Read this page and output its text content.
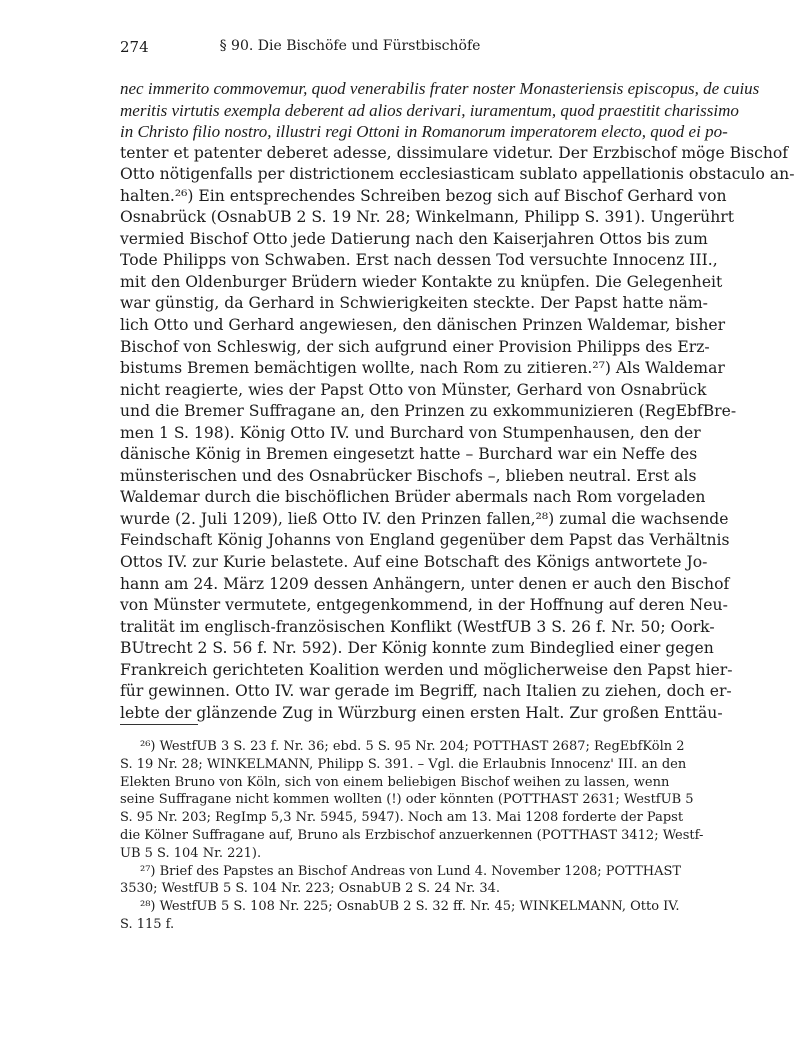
274	§ 90. Die Bischöfe und Fürstbischöfe
nec immerito commovemur, quod venerabilis frater noster Monasteriensis episcopus, de cuius
meritis virtutis exempla deberent ad alios derivari, iuramentum, quod praestitit charissimo
in Christo filio nostro, illustri regi Ottoni in Romanorum imperatorem electo, quod ei po-
tenter et patenter deberet adesse, dissimulare videtur. Der Erzbischof möge Bischof
Otto nötigenfalls per districtionem ecclesiasticam sublato appellationis obstaculo an-
halten.²⁶) Ein entsprechendes Schreiben bezog sich auf Bischof Gerhard von
Osnabrück (OsnabUB 2 S. 19 Nr. 28; Winkelmann, Philipp S. 391). Ungerührt
vermied Bischof Otto jede Datierung nach den Kaiserjahren Ottos bis zum
Tode Philipps von Schwaben. Erst nach dessen Tod versuchte Innocenz III.,
mit den Oldenburger Brüdern wieder Kontakte zu knüpfen. Die Gelegenheit
war günstig, da Gerhard in Schwierigkeiten steckte. Der Papst hatte näm-
lich Otto und Gerhard angewiesen, den dänischen Prinzen Waldemar, bisher
Bischof von Schleswig, der sich aufgrund einer Provision Philipps des Erz-
bistums Bremen bemächtigen wollte, nach Rom zu zitieren.²⁷) Als Waldemar
nicht reagierte, wies der Papst Otto von Münster, Gerhard von Osnabrück
und die Bremer Suffragane an, den Prinzen zu exkommunizieren (RegEbfBre-
men 1 S. 198). König Otto IV. und Burchard von Stumpenhausen, den der
dänische König in Bremen eingesetzt hatte – Burchard war ein Neffe des
münsterischen und des Osnabrücker Bischofs –, blieben neutral. Erst als
Waldemar durch die bischöflichen Brüder abermals nach Rom vorgeladen
wurde (2. Juli 1209), ließ Otto IV. den Prinzen fallen,²⁸) zumal die wachsende
Feindschaft König Johanns von England gegenüber dem Papst das Verhältnis
Ottos IV. zur Kurie belastete. Auf eine Botschaft des Königs antwortete Jo-
hann am 24. März 1209 dessen Anhängern, unter denen er auch den Bischof
von Münster vermutete, entgegenkommend, in der Hoffnung auf deren Neu-
tralität im englisch-französischen Konflikt (WestfUB 3 S. 26 f. Nr. 50; Oork-
BUtrecht 2 S. 56 f. Nr. 592). Der König konnte zum Bindeglied einer gegen
Frankreich gerichteten Koalition werden und möglicherweise den Papst hier-
für gewinnen. Otto IV. war gerade im Begriff, nach Italien zu ziehen, doch er-
lebte der glänzende Zug in Würzburg einen ersten Halt. Zur großen Enttäu-
²⁶) WestfUB 3 S. 23 f. Nr. 36; ebd. 5 S. 95 Nr. 204; POTTHAST 2687; RegEbfKöln 2
S. 19 Nr. 28; WINKELMANN, Philipp S. 391. – Vgl. die Erlaubnis Innocenz' III. an den
Elekten Bruno von Köln, sich von einem beliebigen Bischof weihen zu lassen, wenn
seine Suffragane nicht kommen wollten (!) oder könnten (POTTHAST 2631; WestfUB 5
S. 95 Nr. 203; RegImp 5,3 Nr. 5945, 5947). Noch am 13. Mai 1208 forderte der Papst
die Kölner Suffragane auf, Bruno als Erzbischof anzuerkennen (POTTHAST 3412; Westf-
UB 5 S. 104 Nr. 221).
²⁷) Brief des Papstes an Bischof Andreas von Lund 4. November 1208; POTTHAST
3530; WestfUB 5 S. 104 Nr. 223; OsnabUB 2 S. 24 Nr. 34.
²⁸) WestfUB 5 S. 108 Nr. 225; OsnabUB 2 S. 32 ff. Nr. 45; WINKELMANN, Otto IV.
S. 115 f.
